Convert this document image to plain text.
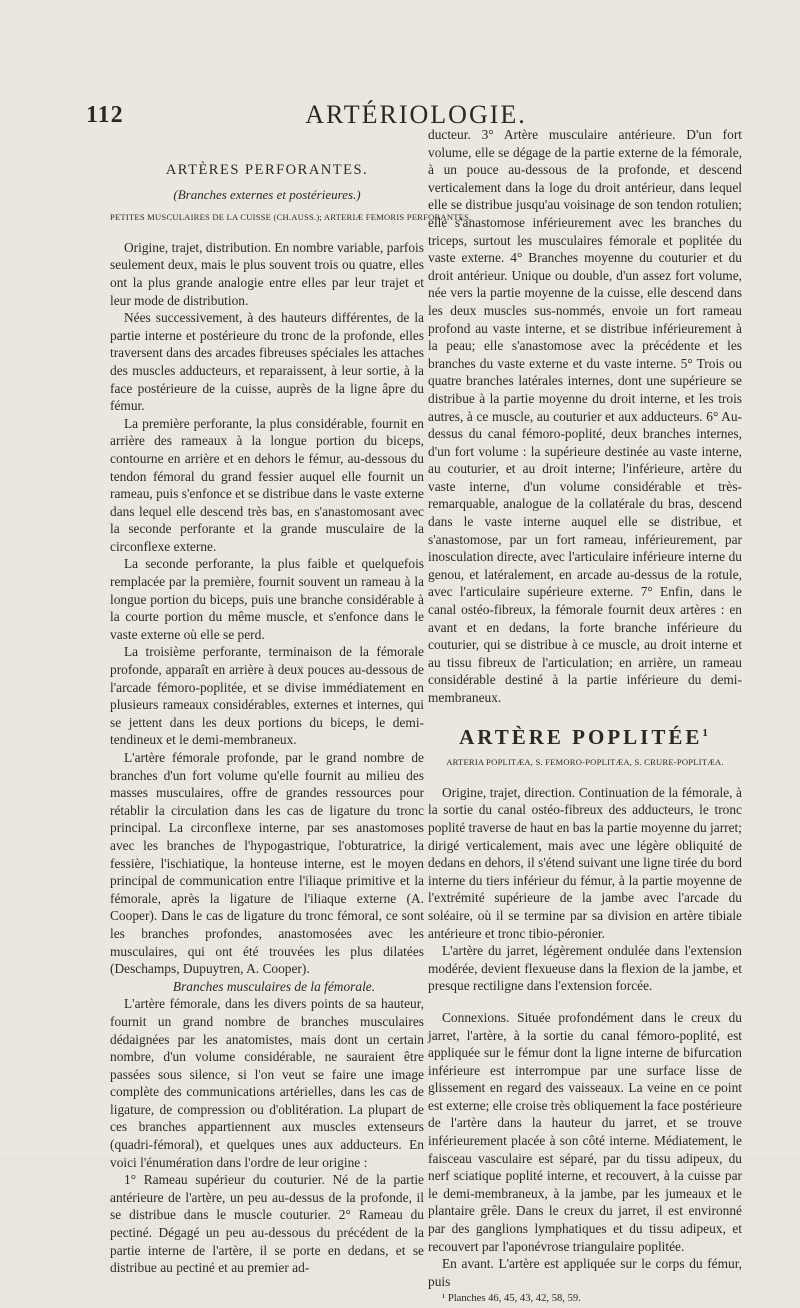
112	ARTÉRIOLOGIE.
ARTÈRES PERFORANTES.
(Branches externes et postérieures.)
PETITES MUSCULAIRES DE LA CUISSE (CH.AUSS.); ARTERIÆ FEMORIS PERFORANTES.

Origine, trajet, distribution. En nombre variable, parfois seulement deux, mais le plus souvent trois ou quatre, elles ont la plus grande analogie entre elles par leur trajet et leur mode de distribution.

Nées successivement, à des hauteurs différentes, de la partie interne et postérieure du tronc de la profonde, elles traversent dans des arcades fibreuses spéciales les attaches des muscles adducteurs, et reparaissent, à leur sortie, à la face postérieure de la cuisse, auprès de la ligne âpre du fémur.

La première perforante, la plus considérable, fournit en arrière des rameaux à la longue portion du biceps, contourne en arrière et en dehors le fémur, au-dessous du tendon fémoral du grand fessier auquel elle fournit un rameau, puis s'enfonce et se distribue dans le vaste externe dans lequel elle descend très bas, en s'anastomosant avec la seconde perforante et la grande musculaire de la circonflexe externe.

La seconde perforante, la plus faible et quelquefois remplacée par la première, fournit souvent un rameau à la longue portion du biceps, puis une branche considérable à la courte portion du même muscle, et s'enfonce dans le vaste externe où elle se perd.

La troisième perforante, terminaison de la fémorale profonde, apparaît en arrière à deux pouces au-dessous de l'arcade fémoro-poplitée, et se divise immédiatement en plusieurs rameaux considérables, externes et internes, qui se jettent dans les deux portions du biceps, le demi-tendineux et le demi-membraneux.

L'artère fémorale profonde, par le grand nombre de branches d'un fort volume qu'elle fournit au milieu des masses musculaires, offre de grandes ressources pour rétablir la circulation dans les cas de ligature du tronc principal. La circonflexe interne, par ses anastomoses avec les branches de l'hypogastrique, l'obturatrice, la fessière, l'ischiatique, la honteuse interne, est le moyen principal de communication entre l'iliaque primitive et la fémorale, après la ligature de l'iliaque externe (A. Cooper). Dans le cas de ligature du tronc fémoral, ce sont les branches profondes, anastomosées avec les musculaires, qui ont été trouvées les plus dilatées (Deschamps, Dupuytren, A. Cooper).

Branches musculaires de la fémorale.

L'artère fémorale, dans les divers points de sa hauteur, fournit un grand nombre de branches musculaires dédaignées par les anatomistes, mais dont un certain nombre, d'un volume considérable, ne sauraient être passées sous silence, si l'on veut se faire une image complète des communications artérielles, dans les cas de ligature, de compression ou d'oblitération. La plupart de ces branches appartiennent aux muscles extenseurs (quadri-fémoral), et quelques unes aux adducteurs. En voici l'énumération dans l'ordre de leur origine :

1° Rameau supérieur du couturier. Né de la partie antérieure de l'artère, un peu au-dessus de la profonde, il se distribue dans le muscle couturier. 2° Rameau du pectiné. Dégagé un peu au-dessous du précédent de la partie interne de l'artère, il se porte en dedans, et se distribue au pectiné et au premier ad-

ducteur. 3° Artère musculaire antérieure. D'un fort volume, elle se dégage de la partie externe de la fémorale, à un pouce au-dessous de la profonde, et descend verticalement dans la loge du droit antérieur, dans lequel elle se distribue jusqu'au voisinage de son tendon rotulien; elle s'anastomose inférieurement avec les branches du triceps, surtout les musculaires fémorale et poplitée du vaste externe. 4° Branches moyenne du couturier et du droit antérieur. Unique ou double, d'un assez fort volume, née vers la partie moyenne de la cuisse, elle descend dans les deux muscles sus-nommés, envoie un fort rameau profond au vaste interne, et se distribue inférieurement à la peau; elle s'anastomose avec la précédente et les branches du vaste externe et du vaste interne. 5° Trois ou quatre branches latérales internes, dont une supérieure se distribue à la partie moyenne du droit interne, et les trois autres, à ce muscle, au couturier et aux adducteurs. 6° Au-dessus du canal fémoro-poplité, deux branches internes, d'un fort volume : la supérieure destinée au vaste interne, au couturier, et au droit interne; l'inférieure, artère du vaste interne, d'un volume considérable et très-remarquable, analogue de la collatérale du bras, descend dans le vaste interne auquel elle se distribue, et s'anastomose, par un fort rameau, inférieurement, par inosculation directe, avec l'articulaire inférieure interne du genou, et latéralement, en arcade au-dessus de la rotule, avec l'articulaire supérieure externe. 7° Enfin, dans le canal ostéo-fibreux, la fémorale fournit deux artères : en avant et en dedans, la forte branche inférieure du couturier, qui se distribue à ce muscle, au droit interne et au tissu fibreux de l'articulation; en arrière, un rameau considérable destiné à la partie inférieure du demi-membraneux.

ARTÈRE POPLITÉE$^1$
ARTERIA POPLITÆA, S. FEMORO-POPLITÆA, S. CRURE-POPLITÆA.

Origine, trajet, direction. Continuation de la fémorale, à la sortie du canal ostéo-fibreux des adducteurs, le tronc poplité traverse de haut en bas la partie moyenne du jarret; dirigé verticalement, mais avec une légère obliquité de dedans en dehors, il s'étend suivant une ligne tirée du bord interne du tiers inférieur du fémur, à la partie moyenne de l'extrémité supérieure de la jambe avec l'arcade du soléaire, où il se termine par sa division en artère tibiale antérieure et tronc tibio-péronier.

L'artère du jarret, légèrement ondulée dans l'extension modérée, devient flexueuse dans la flexion de la jambe, et presque rectiligne dans l'extension forcée.

Connexions. Située profondément dans le creux du jarret, l'artère, à la sortie du canal fémoro-poplité, est appliquée sur le fémur dont la ligne interne de bifurcation inférieure est interrompue par une surface lisse de glissement en regard des vaisseaux. La veine en ce point est externe; elle croise très obliquement la face postérieure de l'artère dans la hauteur du jarret, et se trouve inférieurement placée à son côté interne. Médiatement, le faisceau vasculaire est séparé, par du tissu adipeux, du nerf sciatique poplité interne, et recouvert, à la cuisse par le demi-membraneux, à la jambe, par les jumeaux et le plantaire grêle. Dans le creux du jarret, il est environné par des ganglions lymphatiques et du tissu adipeux, et recouvert par l'aponévrose triangulaire poplitée.

En avant. L'artère est appliquée sur le corps du fémur, puis

¹ Planches 46, 45, 43, 42, 58, 59.
